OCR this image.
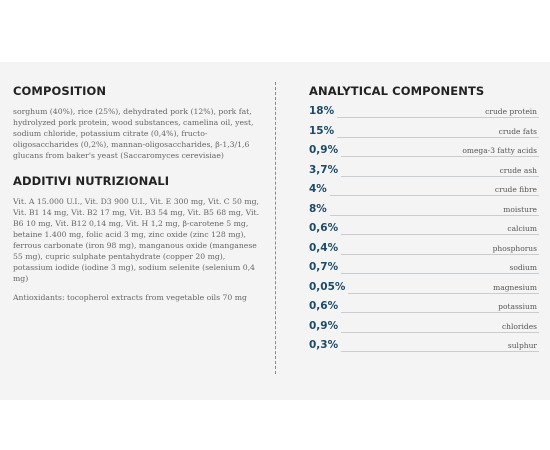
COMPOSITION

sorghum (40%), rice (25%), dehydrated pork (12%), pork fat, hydrolyzed pork protein, wood substances, camelina oil, yest, sodium chloride, potassium citrate (0,4%), fructo-oligosaccharides (0,2%), mannan-oligosaccharides, β-1,3/1,6 glucans from baker's yeast (Saccaromyces cerevisiae)

ADDITIVI NUTRIZIONALI

Vit. A 15.000 U.I., Vit. D3 900 U.I., Vit. E 300 mg, Vit. C 50 mg, Vit. B1 14 mg, Vit. B2 17 mg, Vit. B3 54 mg, Vit. B5 68 mg, Vit. B6 10 mg, Vit. B12 0,14 mg, Vit. H 1,2 mg, β-carotene 5 mg, betaine 1.400 mg, folic acid 3 mg, zinc oxide (zinc 128 mg), ferrous carbonate (iron 98 mg), manganous oxide (manganese 55 mg), cupric sulphate pentahydrate (copper 20 mg), potassium iodide (iodine 3 mg), sodium selenite (selenium 0,4 mg)

Antioxidants: tocopherol extracts from vegetable oils 70 mg

ANALYTICAL COMPONENTS
18%	crude protein
15%	crude fats
0,9%	omega-3 fatty acids
3,7%	crude ash
4%	crude fibre
8%	moisture
0,6%	calcium
0,4%	phosphorus
0,7%	sodium
0,05%	magnesium
0,6%	potassium
0,9%	chlorides
0,3%	sulphur
